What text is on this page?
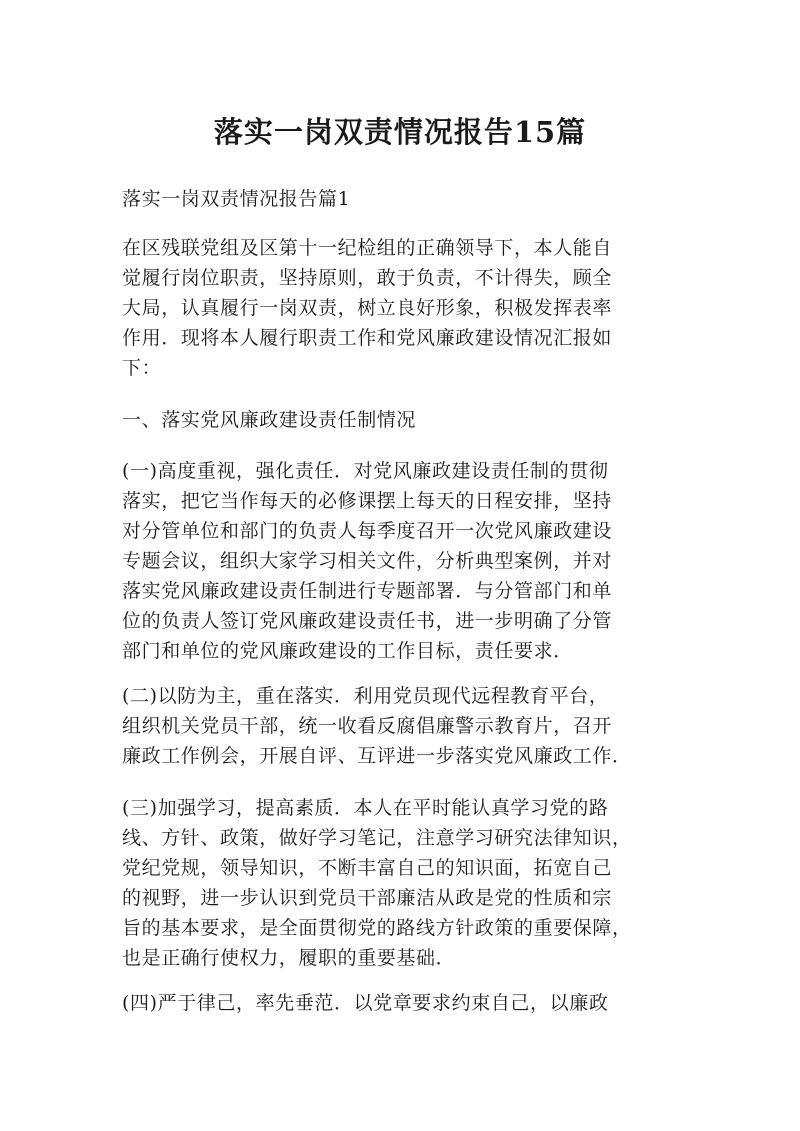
落实一岗双责情况报告15篇

落实一岗双责情况报告篇1

在区残联党组及区第十一纪检组的正确领导下，本人能自
觉履行岗位职责，坚持原则，敢于负责，不计得失，顾全
大局，认真履行一岗双责，树立良好形象，积极发挥表率
作用．现将本人履行职责工作和党风廉政建设情况汇报如
下：

一、落实党风廉政建设责任制情况

(一)高度重视，强化责任．对党风廉政建设责任制的贯彻
落实，把它当作每天的必修课摆上每天的日程安排，坚持
对分管单位和部门的负责人每季度召开一次党风廉政建设
专题会议，组织大家学习相关文件，分析典型案例，并对
落实党风廉政建设责任制进行专题部署．与分管部门和单
位的负责人签订党风廉政建设责任书，进一步明确了分管
部门和单位的党风廉政建设的工作目标，责任要求．

(二)以防为主，重在落实．利用党员现代远程教育平台，
组织机关党员干部，统一收看反腐倡廉警示教育片，召开
廉政工作例会，开展自评、互评进一步落实党风廉政工作．

(三)加强学习，提高素质．本人在平时能认真学习党的路
线、方针、政策，做好学习笔记，注意学习研究法律知识，
党纪党规，领导知识，不断丰富自己的知识面，拓宽自己
的视野，进一步认识到党员干部廉洁从政是党的性质和宗
旨的基本要求，是全面贯彻党的路线方针政策的重要保障，
也是正确行使权力，履职的重要基础．

(四)严于律己，率先垂范．以党章要求约束自己，以廉政
